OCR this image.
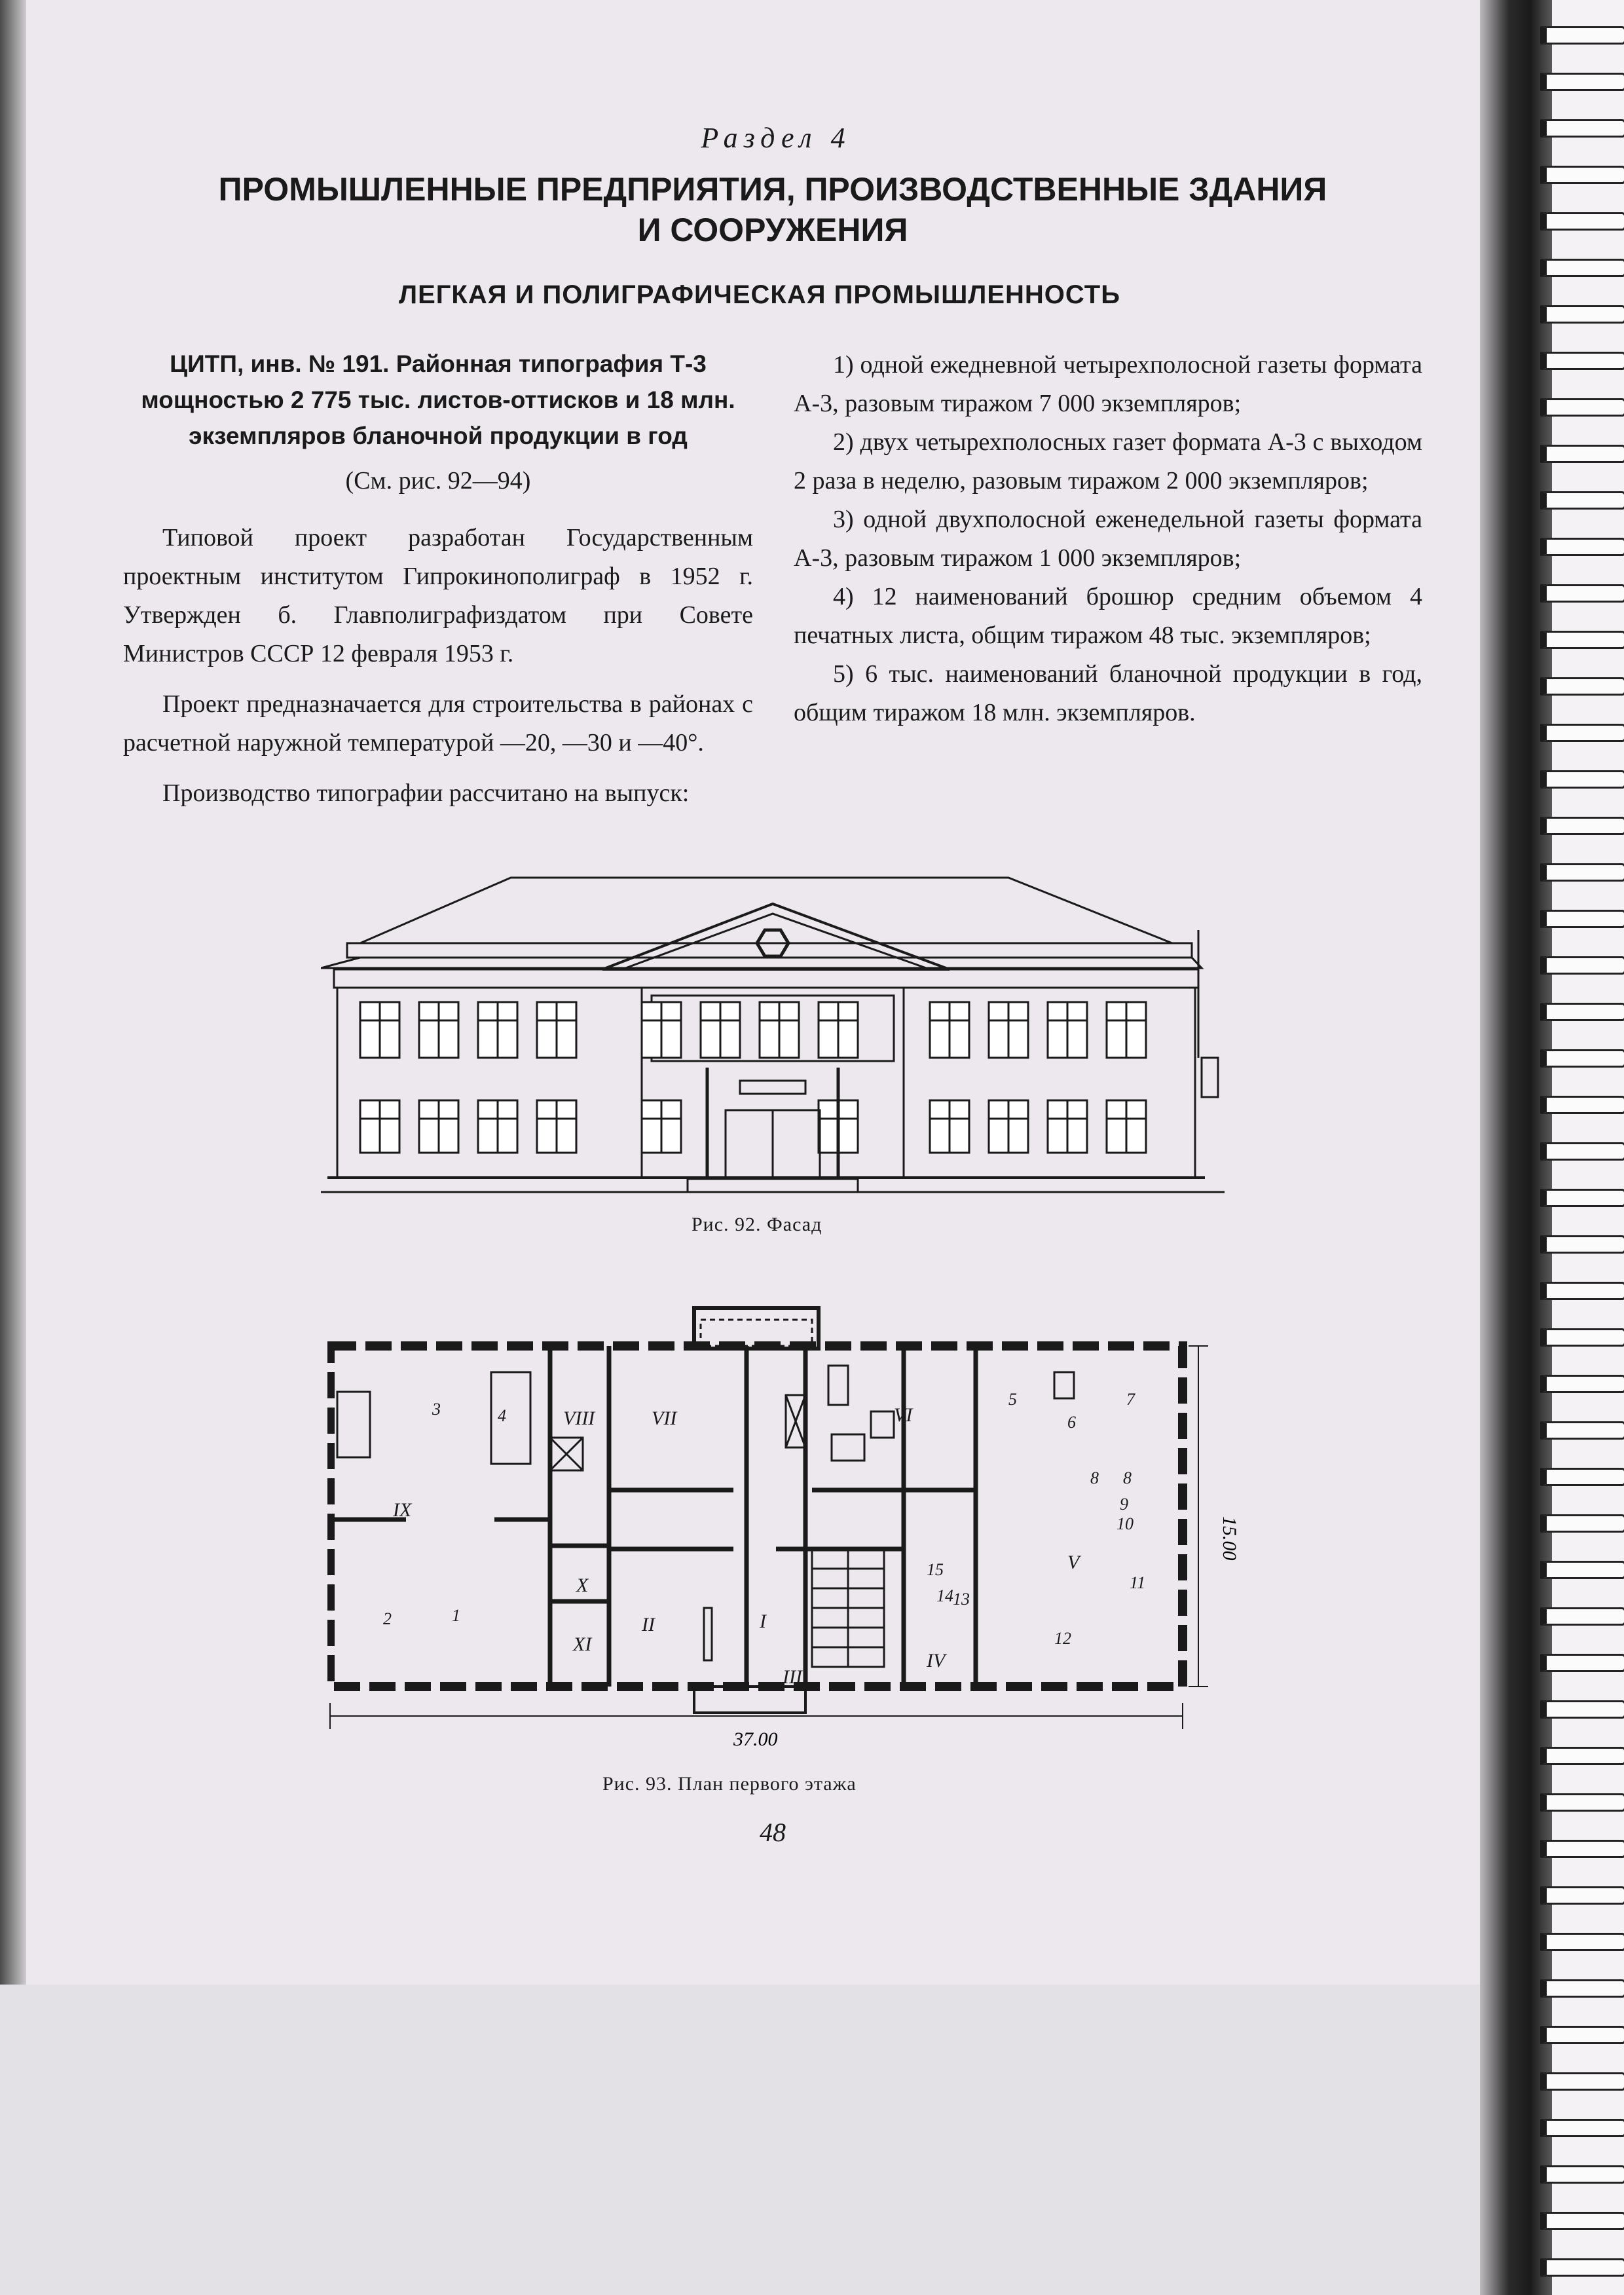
Раздел 4
ПРОМЫШЛЕННЫЕ ПРЕДПРИЯТИЯ, ПРОИЗВОДСТВЕННЫЕ ЗДАНИЯ
И СООРУЖЕНИЯ
ЛЕГКАЯ И ПОЛИГРАФИЧЕСКАЯ ПРОМЫШЛЕННОСТЬ

ЦИТП, инв. № 191. Районная типография Т-3
мощностью 2 775 тыс. листов-оттисков и 18 млн.
экземпляров бланочной продукции в год

(См. рис. 92—94)

Типовой проект разработан Государственным проектным институтом Гипрокинополиграф в 1952 г. Утвержден б. Главполиграфиздатом при Совете Министров СССР 12 февраля 1953 г.

Проект предназначается для строительства в районах с расчетной наружной температурой —20, —30 и —40°.

Производство типографии рассчитано на выпуск:

1) одной ежедневной четырехполосной газеты формата А-3, разовым тиражом 7 000 экземпляров;

2) двух четырехполосных газет формата А-3 с выходом 2 раза в неделю, разовым тиражом 2 000 экземпляров;

3) одной двухполосной еженедельной газеты формата А-3, разовым тиражом 1 000 экземпляров;

4) 12 наименований брошюр средним объемом 4 печатных листа, общим тиражом 48 тыс. экземпляров;

5) 6 тыс. наименований бланочной продукции в год, общим тиражом 18 млн. экземпляров.

Рис. 92. Фасад
37.00
15.00
VIII	VII	VI
IX
X
XI
II	I
III
IV
V
1
2
3	4
5
6
7
8 8
9
10
11
12
13
14
15
Рис. 93. План первого этажа
48
